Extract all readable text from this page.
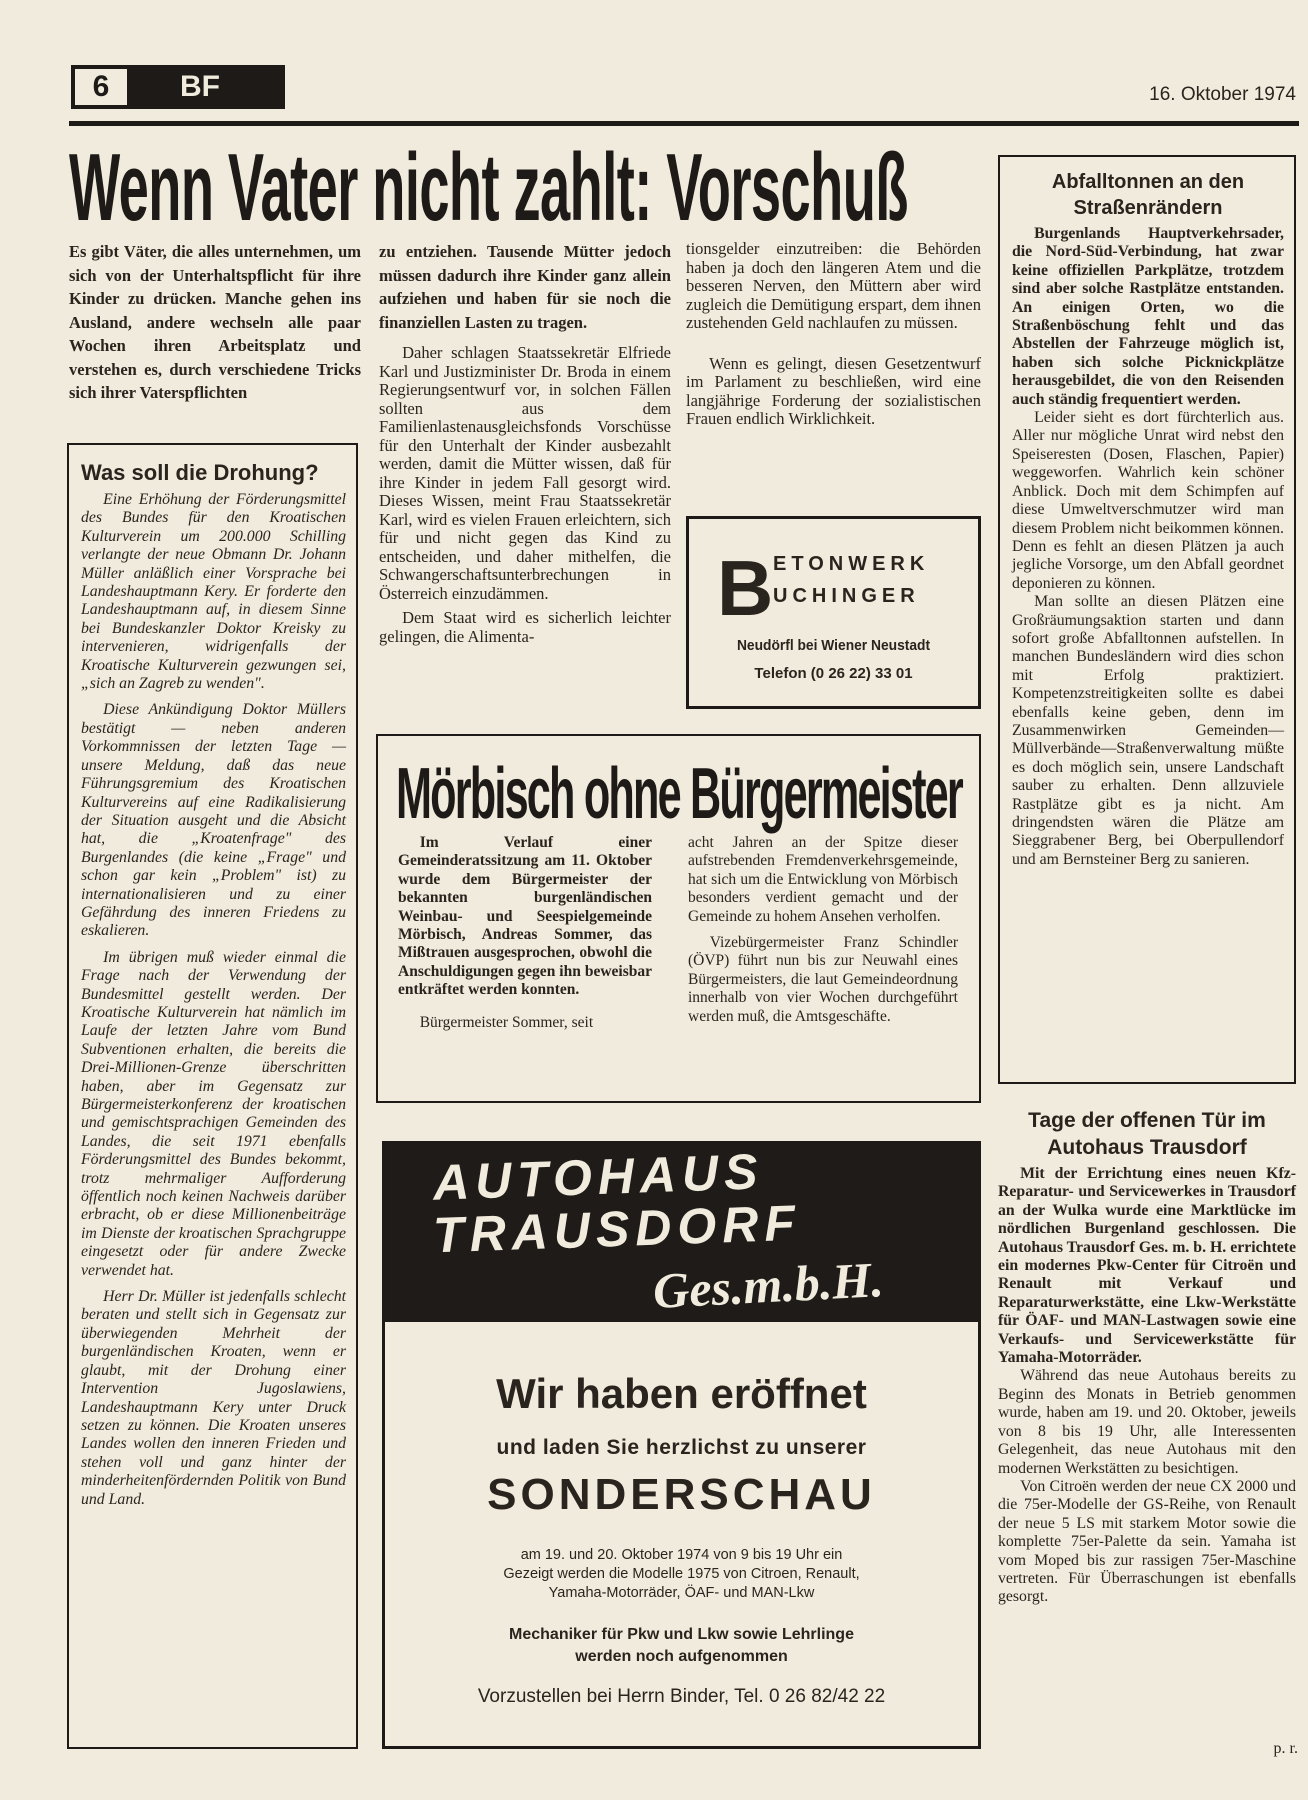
6	BF	16. Oktober 1974
Wenn Vater nicht zahlt: Vorschuß

Es gibt Väter, die alles unternehmen, um sich von der Unterhaltspflicht für ihre Kinder zu drücken. Manche gehen ins Ausland, andere wechseln alle paar Wochen ihren Arbeitsplatz und verstehen es, durch verschiedene Tricks sich ihrer Vaterspflichten

zu entziehen. Tausende Mütter jedoch müssen dadurch ihre Kinder ganz allein aufziehen und haben für sie noch die finanziellen Lasten zu tragen.

Daher schlagen Staatssekretär Elfriede Karl und Justizminister Dr. Broda in einem Regierungsentwurf vor, in solchen Fällen sollten aus dem Familienlastenausgleichsfonds Vorschüsse für den Unterhalt der Kinder ausbezahlt werden, damit die Mütter wissen, daß für ihre Kinder in jedem Fall gesorgt wird. Dieses Wissen, meint Frau Staatssekretär Karl, wird es vielen Frauen erleichtern, sich für und nicht gegen das Kind zu entscheiden, und daher mithelfen, die Schwangerschaftsunterbrechungen in Österreich einzudämmen.

Dem Staat wird es sicherlich leichter gelingen, die Alimenta-

tionsgelder einzutreiben: die Behörden haben ja doch den längeren Atem und die besseren Nerven, den Müttern aber wird zugleich die Demütigung erspart, dem ihnen zustehenden Geld nachlaufen zu müssen.

Wenn es gelingt, diesen Gesetzentwurf im Parlament zu beschließen, wird eine langjährige Forderung der sozialistischen Frauen endlich Wirklichkeit.

Was soll die Drohung?

Eine Erhöhung der Förderungsmittel des Bundes für den Kroatischen Kulturverein um 200.000 Schilling verlangte der neue Obmann Dr. Johann Müller anläßlich einer Vorsprache bei Landeshauptmann Kery. Er forderte den Landeshauptmann auf, in diesem Sinne bei Bundeskanzler Doktor Kreisky zu intervenieren, widrigenfalls der Kroatische Kulturverein gezwungen sei, „sich an Zagreb zu wenden".

Diese Ankündigung Doktor Müllers bestätigt — neben anderen Vorkommnissen der letzten Tage — unsere Meldung, daß das neue Führungsgremium des Kroatischen Kulturvereins auf eine Radikalisierung der Situation ausgeht und die Absicht hat, die „Kroatenfrage" des Burgenlandes (die keine „Frage" und schon gar kein „Problem" ist) zu internationalisieren und zu einer Gefährdung des inneren Friedens zu eskalieren.

Im übrigen muß wieder einmal die Frage nach der Verwendung der Bundesmittel gestellt werden. Der Kroatische Kulturverein hat nämlich im Laufe der letzten Jahre vom Bund Subventionen erhalten, die bereits die Drei-Millionen-Grenze überschritten haben, aber im Gegensatz zur Bürgermeisterkonferenz der kroatischen und gemischtsprachigen Gemeinden des Landes, die seit 1971 ebenfalls Förderungsmittel des Bundes bekommt, trotz mehrmaliger Aufforderung öffentlich noch keinen Nachweis darüber erbracht, ob er diese Millionenbeiträge im Dienste der kroatischen Sprachgruppe eingesetzt oder für andere Zwecke verwendet hat.

Herr Dr. Müller ist jedenfalls schlecht beraten und stellt sich in Gegensatz zur überwiegenden Mehrheit der burgenländischen Kroaten, wenn er glaubt, mit der Drohung einer Intervention Jugoslawiens, Landeshauptmann Kery unter Druck setzen zu können. Die Kroaten unseres Landes wollen den inneren Frieden und stehen voll und ganz hinter der minderheitenfördernden Politik von Bund und Land.

B ETONWERK
UCHINGER
Neudörfl bei Wiener Neustadt
Telefon (0 26 22) 33 01
Mörbisch ohne Bürgermeister

Im Verlauf einer Gemeinderatssitzung am 11. Oktober wurde dem Bürgermeister der bekannten burgenländischen Weinbau- und Seespielgemeinde Mörbisch, Andreas Sommer, das Mißtrauen ausgesprochen, obwohl die Anschuldigungen gegen ihn beweisbar entkräftet werden konnten.

Bürgermeister Sommer, seit

acht Jahren an der Spitze dieser aufstrebenden Fremdenverkehrsgemeinde, hat sich um die Entwicklung von Mörbisch besonders verdient gemacht und der Gemeinde zu hohem Ansehen verholfen.

Vizebürgermeister Franz Schindler (ÖVP) führt nun bis zur Neuwahl eines Bürgermeisters, die laut Gemeindeordnung innerhalb von vier Wochen durchgeführt werden muß, die Amtsgeschäfte.

AUTOHAUS
TRAUSDORF
Ges.m.b.H.
Wir haben eröffnet
und laden Sie herzlichst zu unserer
SONDERSCHAU
am 19. und 20. Oktober 1974 von 9 bis 19 Uhr ein
Gezeigt werden die Modelle 1975 von Citroen, Renault,
Yamaha-Motorräder, ÖAF- und MAN-Lkw
Mechaniker für Pkw und Lkw sowie Lehrlinge
werden noch aufgenommen
Vorzustellen bei Herrn Binder, Tel. 0 26 82/42 22
Abfalltonnen an den Straßenrändern

Burgenlands Hauptverkehrsader, die Nord-Süd-Verbindung, hat zwar keine offiziellen Parkplätze, trotzdem sind aber solche Rastplätze entstanden. An einigen Orten, wo die Straßenböschung fehlt und das Abstellen der Fahrzeuge möglich ist, haben sich solche Picknickplätze herausgebildet, die von den Reisenden auch ständig frequentiert werden.

Leider sieht es dort fürchterlich aus. Aller nur mögliche Unrat wird nebst den Speiseresten (Dosen, Flaschen, Papier) weggeworfen. Wahrlich kein schöner Anblick. Doch mit dem Schimpfen auf diese Umweltverschmutzer wird man diesem Problem nicht beikommen können. Denn es fehlt an diesen Plätzen ja auch jegliche Vorsorge, um den Abfall geordnet deponieren zu können.

Man sollte an diesen Plätzen eine Großräumungsaktion starten und dann sofort große Abfalltonnen aufstellen. In manchen Bundesländern wird dies schon mit Erfolg praktiziert. Kompetenzstreitigkeiten sollte es dabei ebenfalls keine geben, denn im Zusammenwirken Gemeinden—Müllverbände—Straßenverwaltung müßte es doch möglich sein, unsere Landschaft sauber zu erhalten. Denn allzuviele Rastplätze gibt es ja nicht. Am dringendsten wären die Plätze am Sieggrabener Berg, bei Oberpullendorf und am Bernsteiner Berg zu sanieren.

Tage der offenen Tür im Autohaus Trausdorf

Mit der Errichtung eines neuen Kfz-Reparatur- und Servicewerkes in Trausdorf an der Wulka wurde eine Marktlücke im nördlichen Burgenland geschlossen. Die Autohaus Trausdorf Ges. m. b. H. errichtete ein modernes Pkw-Center für Citroën und Renault mit Verkauf und Reparaturwerkstätte, eine Lkw-Werkstätte für ÖAF- und MAN-Lastwagen sowie eine Verkaufs- und Servicewerkstätte für Yamaha-Motorräder.

Während das neue Autohaus bereits zu Beginn des Monats in Betrieb genommen wurde, haben am 19. und 20. Oktober, jeweils von 8 bis 19 Uhr, alle Interessenten Gelegenheit, das neue Autohaus mit den modernen Werkstätten zu besichtigen.

Von Citroën werden der neue CX 2000 und die 75er-Modelle der GS-Reihe, von Renault der neue 5 LS mit starkem Motor sowie die komplette 75er-Palette da sein. Yamaha ist vom Moped bis zur rassigen 75er-Maschine vertreten. Für Überraschungen ist ebenfalls gesorgt.

p. r.
